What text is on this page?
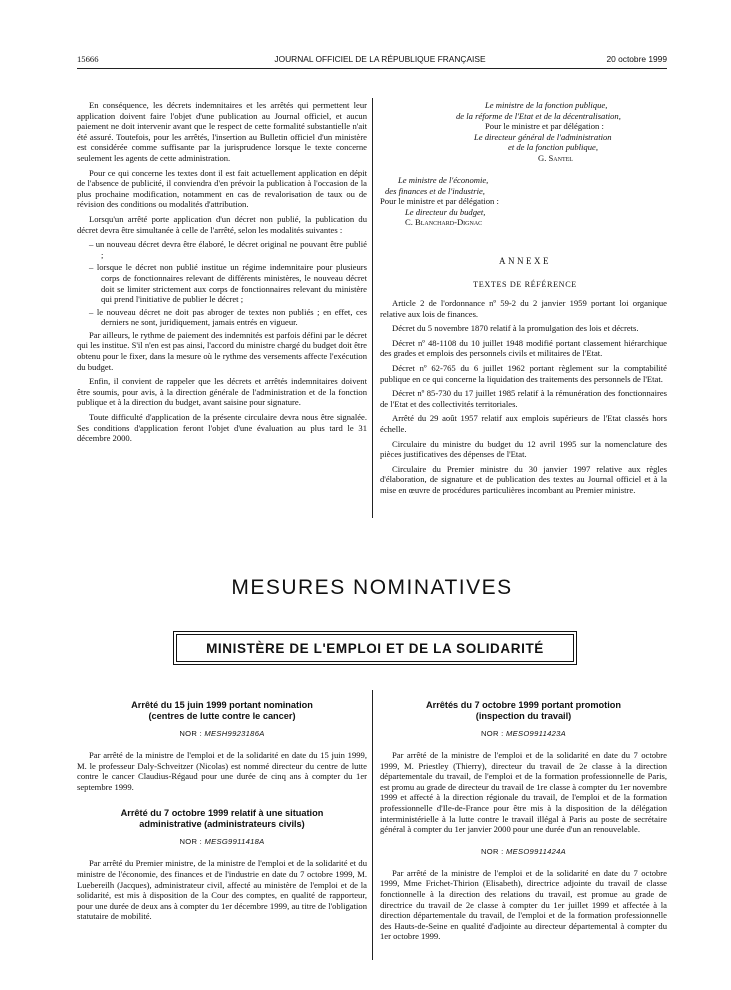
15666	JOURNAL OFFICIEL DE LA RÉPUBLIQUE FRANÇAISE	20 octobre 1999

En conséquence, les décrets indemnitaires et les arrêtés qui permettent leur application doivent faire l'objet d'une publication au Journal officiel, et aucun paiement ne doit intervenir avant que le respect de cette formalité substantielle n'ait été assuré. Toutefois, pour les arrêtés, l'insertion au Bulletin officiel d'un ministère est considérée comme suffisante par la jurisprudence lorsque le texte concerne seulement les agents de cette administration.

Pour ce qui concerne les textes dont il est fait actuellement application en dépit de l'absence de publicité, il conviendra d'en prévoir la publication à l'occasion de la plus prochaine modification, notamment en cas de revalorisation de taux ou de révision des conditions ou modalités d'attribution.

Lorsqu'un arrêté porte application d'un décret non publié, la publication du décret devra être simultanée à celle de l'arrêté, selon les modalités suivantes :

– un nouveau décret devra être élaboré, le décret original ne pouvant être publié ;

– lorsque le décret non publié institue un régime indemnitaire pour plusieurs corps de fonctionnaires relevant de différents ministères, le nouveau décret doit se limiter strictement aux corps de fonctionnaires relevant du ministère qui prend l'initiative de publier le décret ;

– le nouveau décret ne doit pas abroger de textes non publiés ; en effet, ces derniers ne sont, juridiquement, jamais entrés en vigueur.

Par ailleurs, le rythme de paiement des indemnités est parfois défini par le décret qui les institue. S'il n'en est pas ainsi, l'accord du ministre chargé du budget doit être obtenu pour le fixer, dans la mesure où le rythme des versements affecte l'exécution du budget.

Enfin, il convient de rappeler que les décrets et arrêtés indemnitaires doivent être soumis, pour avis, à la direction générale de l'administration et de la fonction publique et à la direction du budget, avant saisine pour signature.

Toute difficulté d'application de la présente circulaire devra nous être signalée. Ses conditions d'application feront l'objet d'une évaluation au plus tard le 31 décembre 2000.

Le ministre de la fonction publique,
de la réforme de l'Etat et de la décentralisation,
Pour le ministre et par délégation :
Le directeur général de l'administration
et de la fonction publique,
G. Santel
Le ministre de l'économie,
des finances et de l'industrie,
Pour le ministre et par délégation :
Le directeur du budget,
C. Blanchard-Dignac
ANNEXE
TEXTES DE RÉFÉRENCE

Article 2 de l'ordonnance nº 59-2 du 2 janvier 1959 portant loi organique relative aux lois de finances.

Décret du 5 novembre 1870 relatif à la promulgation des lois et décrets.

Décret nº 48-1108 du 10 juillet 1948 modifié portant classement hiérarchique des grades et emplois des personnels civils et militaires de l'Etat.

Décret nº 62-765 du 6 juillet 1962 portant règlement sur la comptabilité publique en ce qui concerne la liquidation des traitements des personnels de l'Etat.

Décret nº 85-730 du 17 juillet 1985 relatif à la rémunération des fonctionnaires de l'Etat et des collectivités territoriales.

Arrêté du 29 août 1957 relatif aux emplois supérieurs de l'Etat classés hors échelle.

Circulaire du ministre du budget du 12 avril 1995 sur la nomenclature des pièces justificatives des dépenses de l'Etat.

Circulaire du Premier ministre du 30 janvier 1997 relative aux règles d'élaboration, de signature et de publication des textes au Journal officiel et à la mise en œuvre de procédures particulières incombant au Premier ministre.

MESURES NOMINATIVES
MINISTÈRE DE L'EMPLOI ET DE LA SOLIDARITÉ
Arrêté du 15 juin 1999 portant nomination
(centres de lutte contre le cancer)
NOR : MESH9923186A

Par arrêté de la ministre de l'emploi et de la solidarité en date du 15 juin 1999, M. le professeur Daly-Schveitzer (Nicolas) est nommé directeur du centre de lutte contre le cancer Claudius-Régaud pour une durée de cinq ans à compter du 1er septembre 1999.

Arrêté du 7 octobre 1999 relatif à une situation
administrative (administrateurs civils)
NOR : MESG9911418A

Par arrêté du Premier ministre, de la ministre de l'emploi et de la solidarité et du ministre de l'économie, des finances et de l'industrie en date du 7 octobre 1999, M. Luebereilh (Jacques), administrateur civil, affecté au ministère de l'emploi et de la solidarité, est mis à disposition de la Cour des comptes, en qualité de rapporteur, pour une durée de deux ans à compter du 1er décembre 1999, au titre de l'obligation statutaire de mobilité.

Arrêtés du 7 octobre 1999 portant promotion
(inspection du travail)
NOR : MESO9911423A

Par arrêté de la ministre de l'emploi et de la solidarité en date du 7 octobre 1999, M. Priestley (Thierry), directeur du travail de 2e classe à la direction départementale du travail, de l'emploi et de la formation professionnelle de Paris, est promu au grade de directeur du travail de 1re classe à compter du 1er novembre 1999 et affecté à la direction régionale du travail, de l'emploi et de la formation professionnelle d'Ile-de-France pour être mis à la disposition de la délégation interministérielle à la lutte contre le travail illégal à Paris au poste de secrétaire général à compter du 1er janvier 2000 pour une durée d'un an renouvelable.

NOR : MESO9911424A

Par arrêté de la ministre de l'emploi et de la solidarité en date du 7 octobre 1999, Mme Frichet-Thirion (Elisabeth), directrice adjointe du travail de classe fonctionnelle à la direction des relations du travail, est promue au grade de directrice du travail de 2e classe à compter du 1er juillet 1999 et affectée à la direction départementale du travail, de l'emploi et de la formation professionnelle des Hauts-de-Seine en qualité d'adjointe au directeur départemental à compter du 1er octobre 1999.
